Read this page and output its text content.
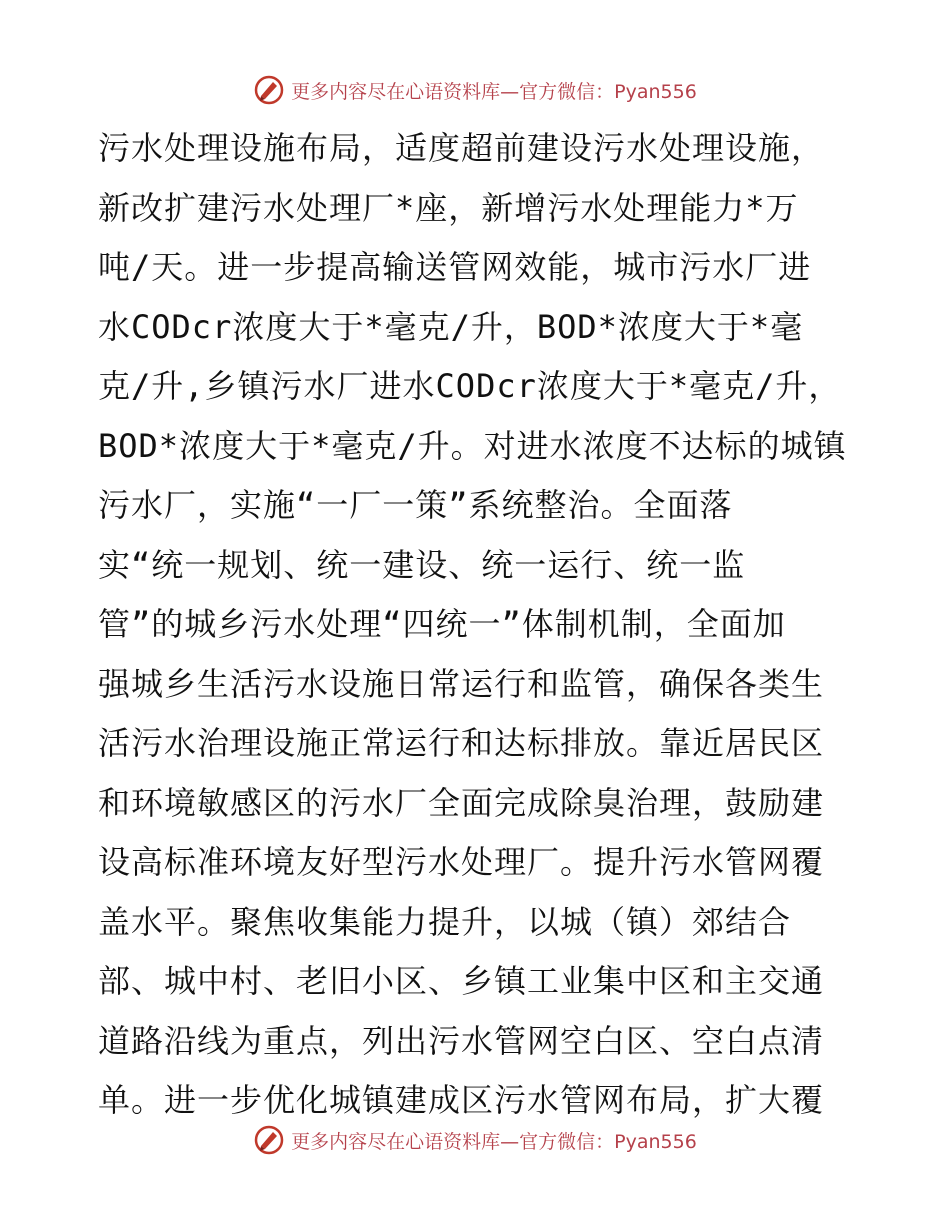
更多内容尽在心语资料库—官方微信：Pyan556
污水处理设施布局，适度超前建设污水处理设施，
新改扩建污水处理厂*座，新增污水处理能力*万
吨/天。进一步提高输送管网效能，城市污水厂进
水CODcr浓度大于*毫克/升，BOD*浓度大于*毫
克/升,乡镇污水厂进水CODcr浓度大于*毫克/升，
BOD*浓度大于*毫克/升。对进水浓度不达标的城镇
污水厂，实施“一厂一策”系统整治。全面落
实“统一规划、统一建设、统一运行、统一监
管”的城乡污水处理“四统一”体制机制，全面加
强城乡生活污水设施日常运行和监管，确保各类生
活污水治理设施正常运行和达标排放。靠近居民区
和环境敏感区的污水厂全面完成除臭治理，鼓励建
设高标准环境友好型污水处理厂。提升污水管网覆
盖水平。聚焦收集能力提升，以城（镇）郊结合
部、城中村、老旧小区、乡镇工业集中区和主交通
道路沿线为重点，列出污水管网空白区、空白点清
单。进一步优化城镇建成区污水管网布局，扩大覆
更多内容尽在心语资料库—官方微信：Pyan556
